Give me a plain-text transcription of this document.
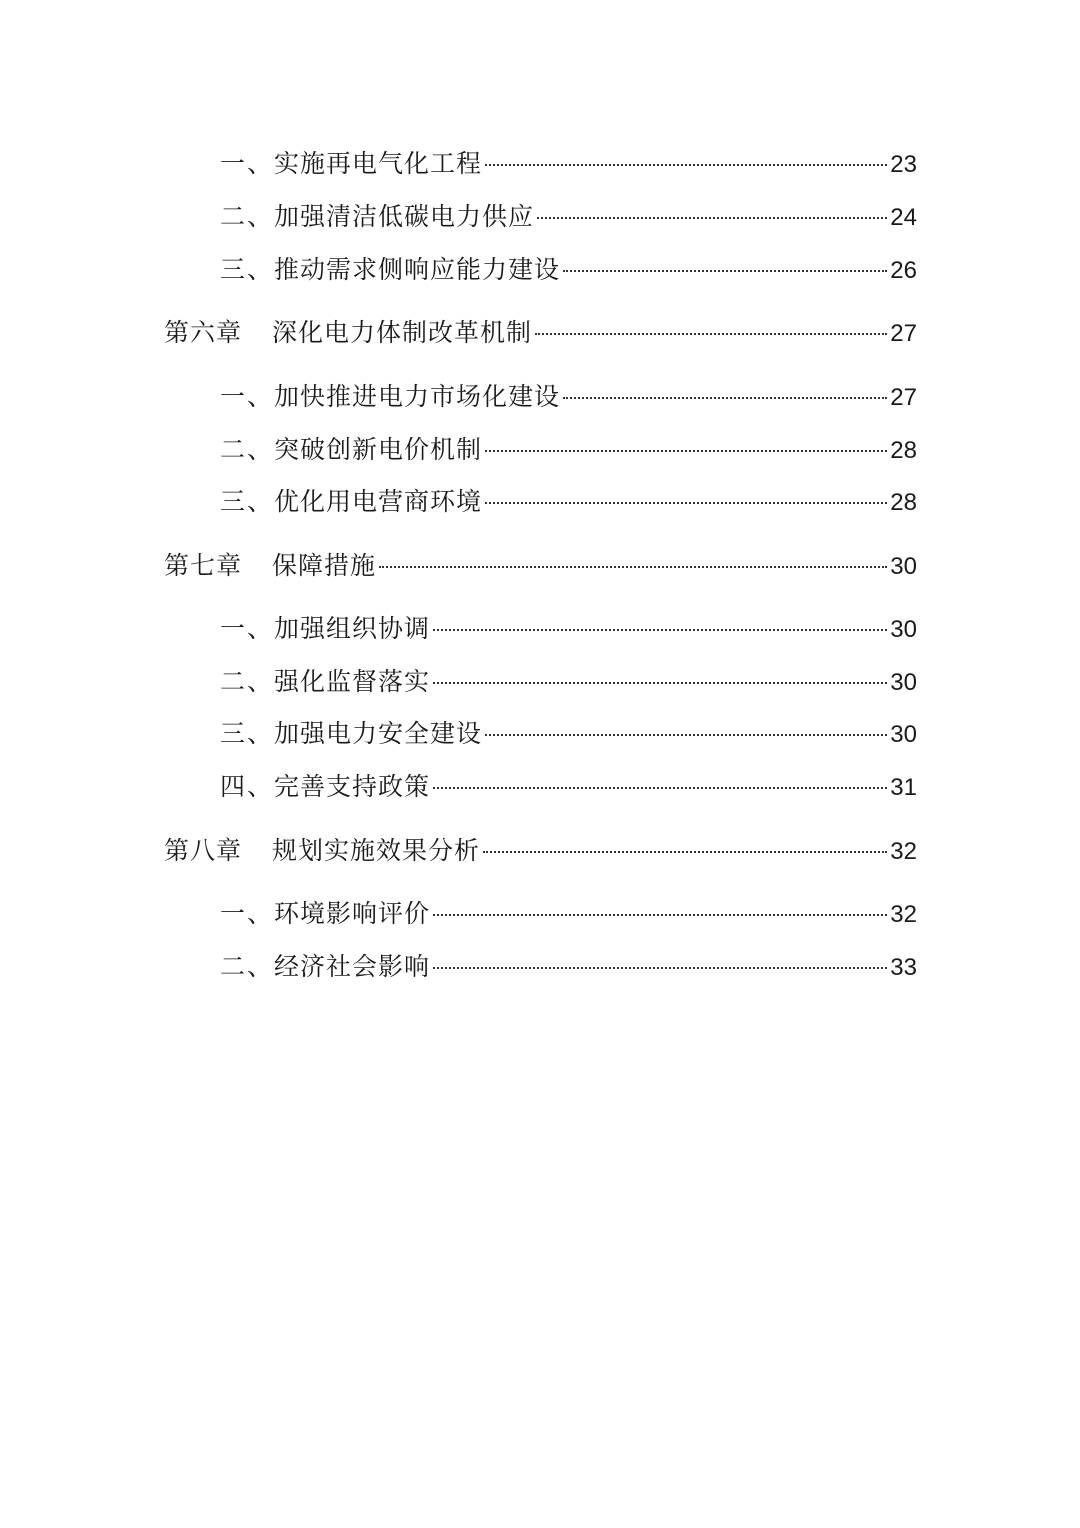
一、 实施再电气化工程	23
二、 加强清洁低碳电力供应	24
三、 推动需求侧响应能力建设	26
第六章	深化电力体制改革机制	27
一、 加快推进电力市场化建设	27
二、 突破创新电价机制	28
三、 优化用电营商环境	28
第七章	保障措施	30
一、 加强组织协调	30
二、 强化监督落实	30
三、 加强电力安全建设	30
四、 完善支持政策	31
第八章	规划实施效果分析	32
一、 环境影响评价	32
二、 经济社会影响	33
